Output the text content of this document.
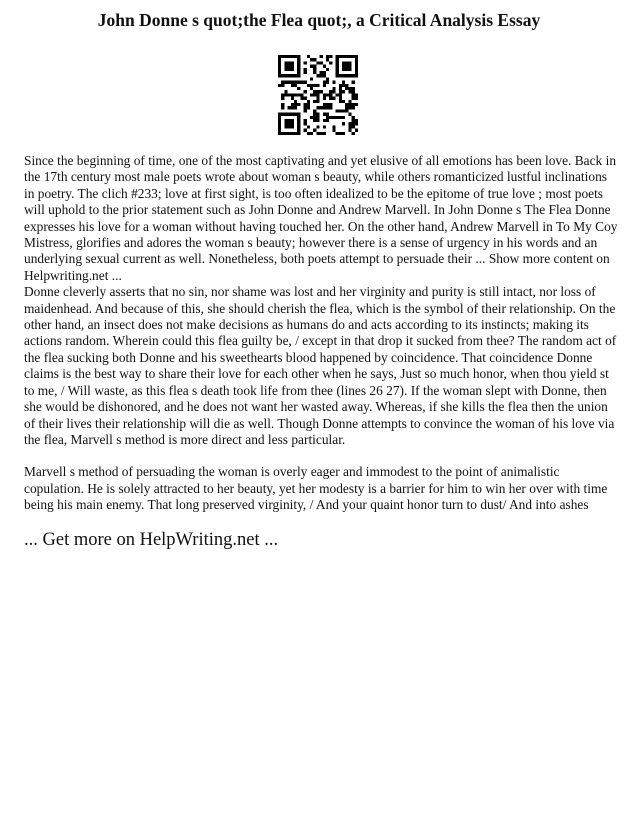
John Donne s quot;the Flea quot;, a Critical Analysis Essay

Since the beginning of time, one of the most captivating and yet elusive of all emotions has been love. Back in the 17th century most male poets wrote about woman s beauty, while others romanticized lustful inclinations in poetry. The clich #233; love at first sight, is too often idealized to be the epitome of true love ; most poets will uphold to the prior statement such as John Donne and Andrew Marvell. In John Donne s The Flea Donne expresses his love for a woman without having touched her. On the other hand, Andrew Marvell in To My Coy Mistress, glorifies and adores the woman s beauty; however there is a sense of urgency in his words and an underlying sexual current as well. Nonetheless, both poets attempt to persuade their ... Show more content on Helpwriting.net ...

Donne cleverly asserts that no sin, nor shame was lost and her virginity and purity is still intact, nor loss of maidenhead. And because of this, she should cherish the flea, which is the symbol of their relationship. On the other hand, an insect does not make decisions as humans do and acts according to its instincts; making its actions random. Wherein could this flea guilty be, / except in that drop it sucked from thee? The random act of the flea sucking both Donne and his sweethearts blood happened by coincidence. That coincidence Donne claims is the best way to share their love for each other when he says, Just so much honor, when thou yield st to me, / Will waste, as this flea s death took life from thee (lines 26 27). If the woman slept with Donne, then she would be dishonored, and he does not want her wasted away. Whereas, if she kills the flea then the union of their lives their relationship will die as well. Though Donne attempts to convince the woman of his love via the flea, Marvell s method is more direct and less particular.

Marvell s method of persuading the woman is overly eager and immodest to the point of animalistic copulation. He is solely attracted to her beauty, yet her modesty is a barrier for him to win her over with time being his main enemy. That long preserved virginity, / And your quaint honor turn to dust/ And into ashes

... Get more on HelpWriting.net ...
